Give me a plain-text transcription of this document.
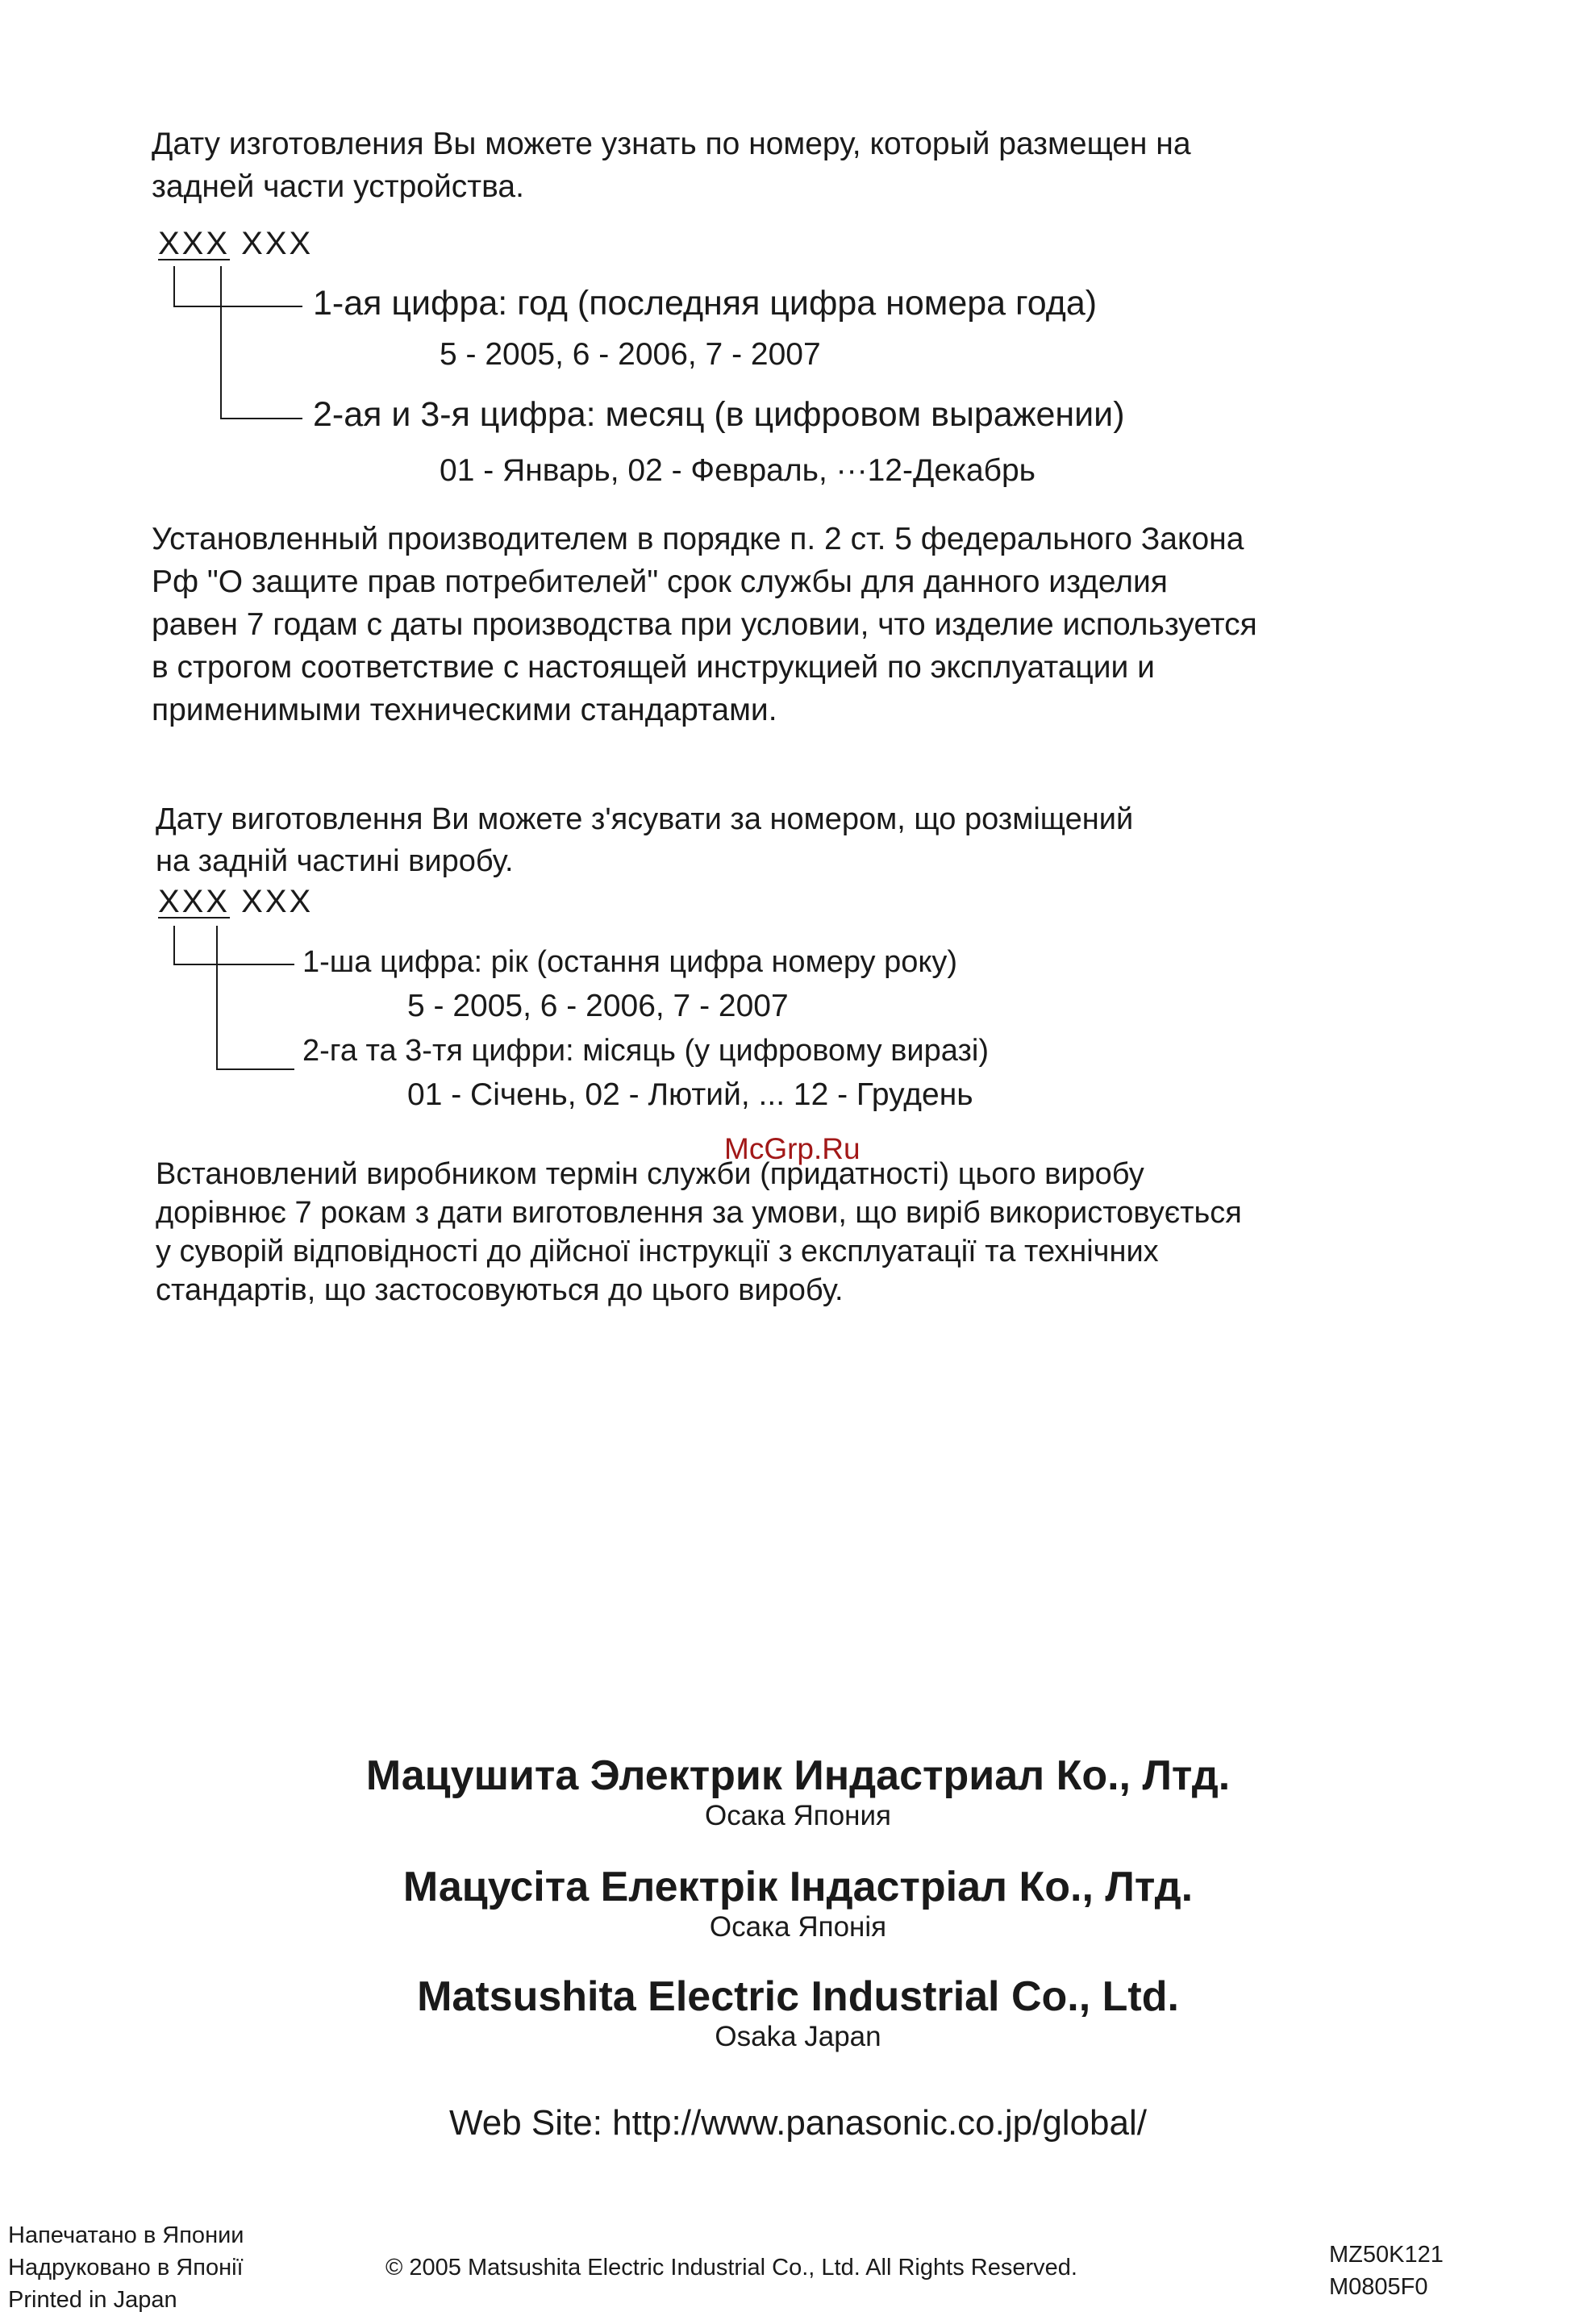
Дату изготовления Вы можете узнать по номеру, который размещен на
задней части устройства.
XXX XXX
1-ая цифра: год (последняя цифра номера года)
5 - 2005, 6 - 2006, 7 - 2007
2-ая и 3-я цифра: месяц (в цифровом выражении)
01 - Январь, 02 - Февраль, ···12-Декабрь
Установленный производителем в порядке п. 2 ст. 5 федерального Закона
Рф "О защите прав потребителей" срок службы для данного изделия
равен 7 годам с даты производства при условии, что изделие используется
в строгом соответствие с настоящей инструкцией по эксплуатации и
применимыми техническими стандартами.
Дату виготовлення Ви можете з'ясувати за номером, що розміщений
на задній частині виробу.
XXX XXX
1-ша цифра: рік (остання цифра номеру року)
5 - 2005, 6 - 2006, 7 - 2007
2-га та 3-тя цифри: місяць (у цифровому виразі)
01 - Січень, 02 - Лютий, ... 12 - Грудень
McGrp.Ru
Встановлений виробником термін служби (придатності) цього виробу
дорівнює 7 рокам з дати виготовлення за умови, що виріб використовується
у суворій відповідності до дійсної інструкції з експлуатації та технічних
стандартів, що застосовуються до цього виробу.
Мацушита Электрик Индастриал Ко., Лтд.
Осака Япония
Мацусіта Електрік Індастріал Ко., Лтд.
Осака Японія
Matsushita Electric Industrial Co., Ltd.
Osaka Japan
Web Site: http://www.panasonic.co.jp/global/
Напечатано в Японии
Надруковано в Японії
Printed in Japan
© 2005 Matsushita Electric Industrial Co., Ltd. All Rights Reserved.	MZ50K121
M0805F0
